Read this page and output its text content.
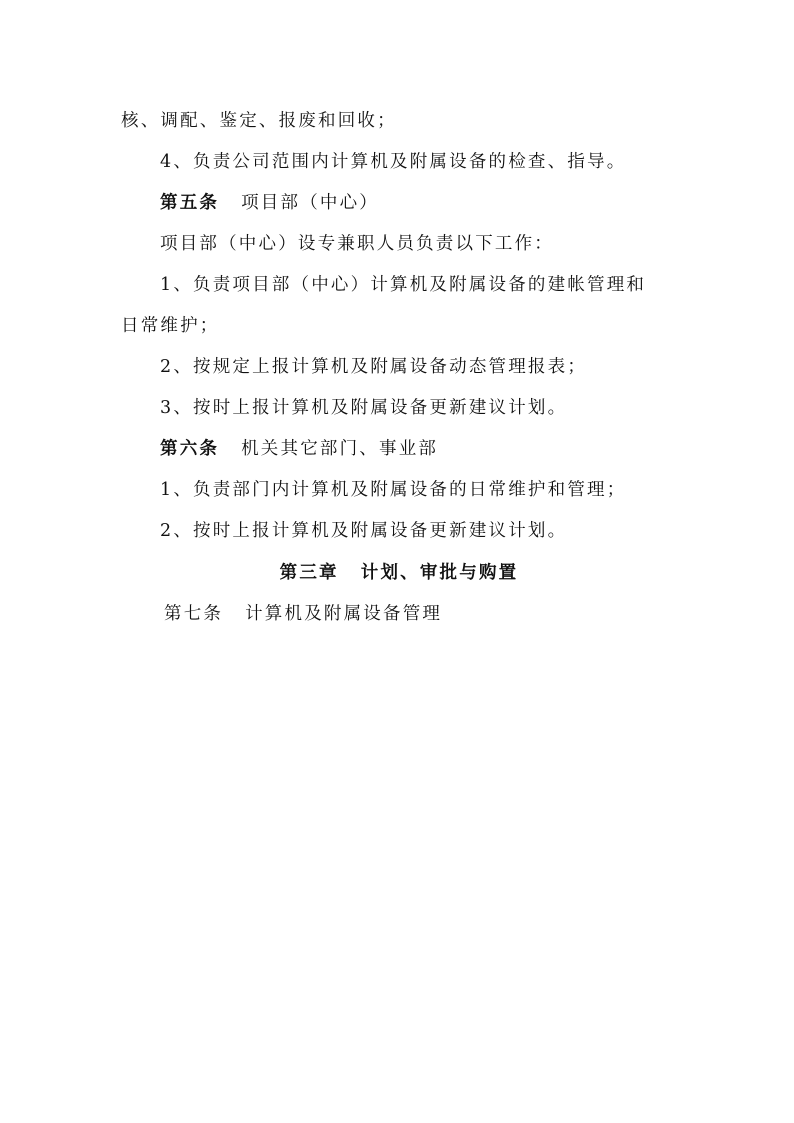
核、调配、鉴定、报废和回收；
4、负责公司范围内计算机及附属设备的检查、指导。
第五条 项目部（中心）
项目部（中心）设专兼职人员负责以下工作：
1、负责项目部（中心）计算机及附属设备的建帐管理和
日常维护；
2、按规定上报计算机及附属设备动态管理报表；
3、按时上报计算机及附属设备更新建议计划。
第六条 机关其它部门、事业部
1、负责部门内计算机及附属设备的日常维护和管理；
2、按时上报计算机及附属设备更新建议计划。
第三章 计划、审批与购置
第七条 计算机及附属设备管理
